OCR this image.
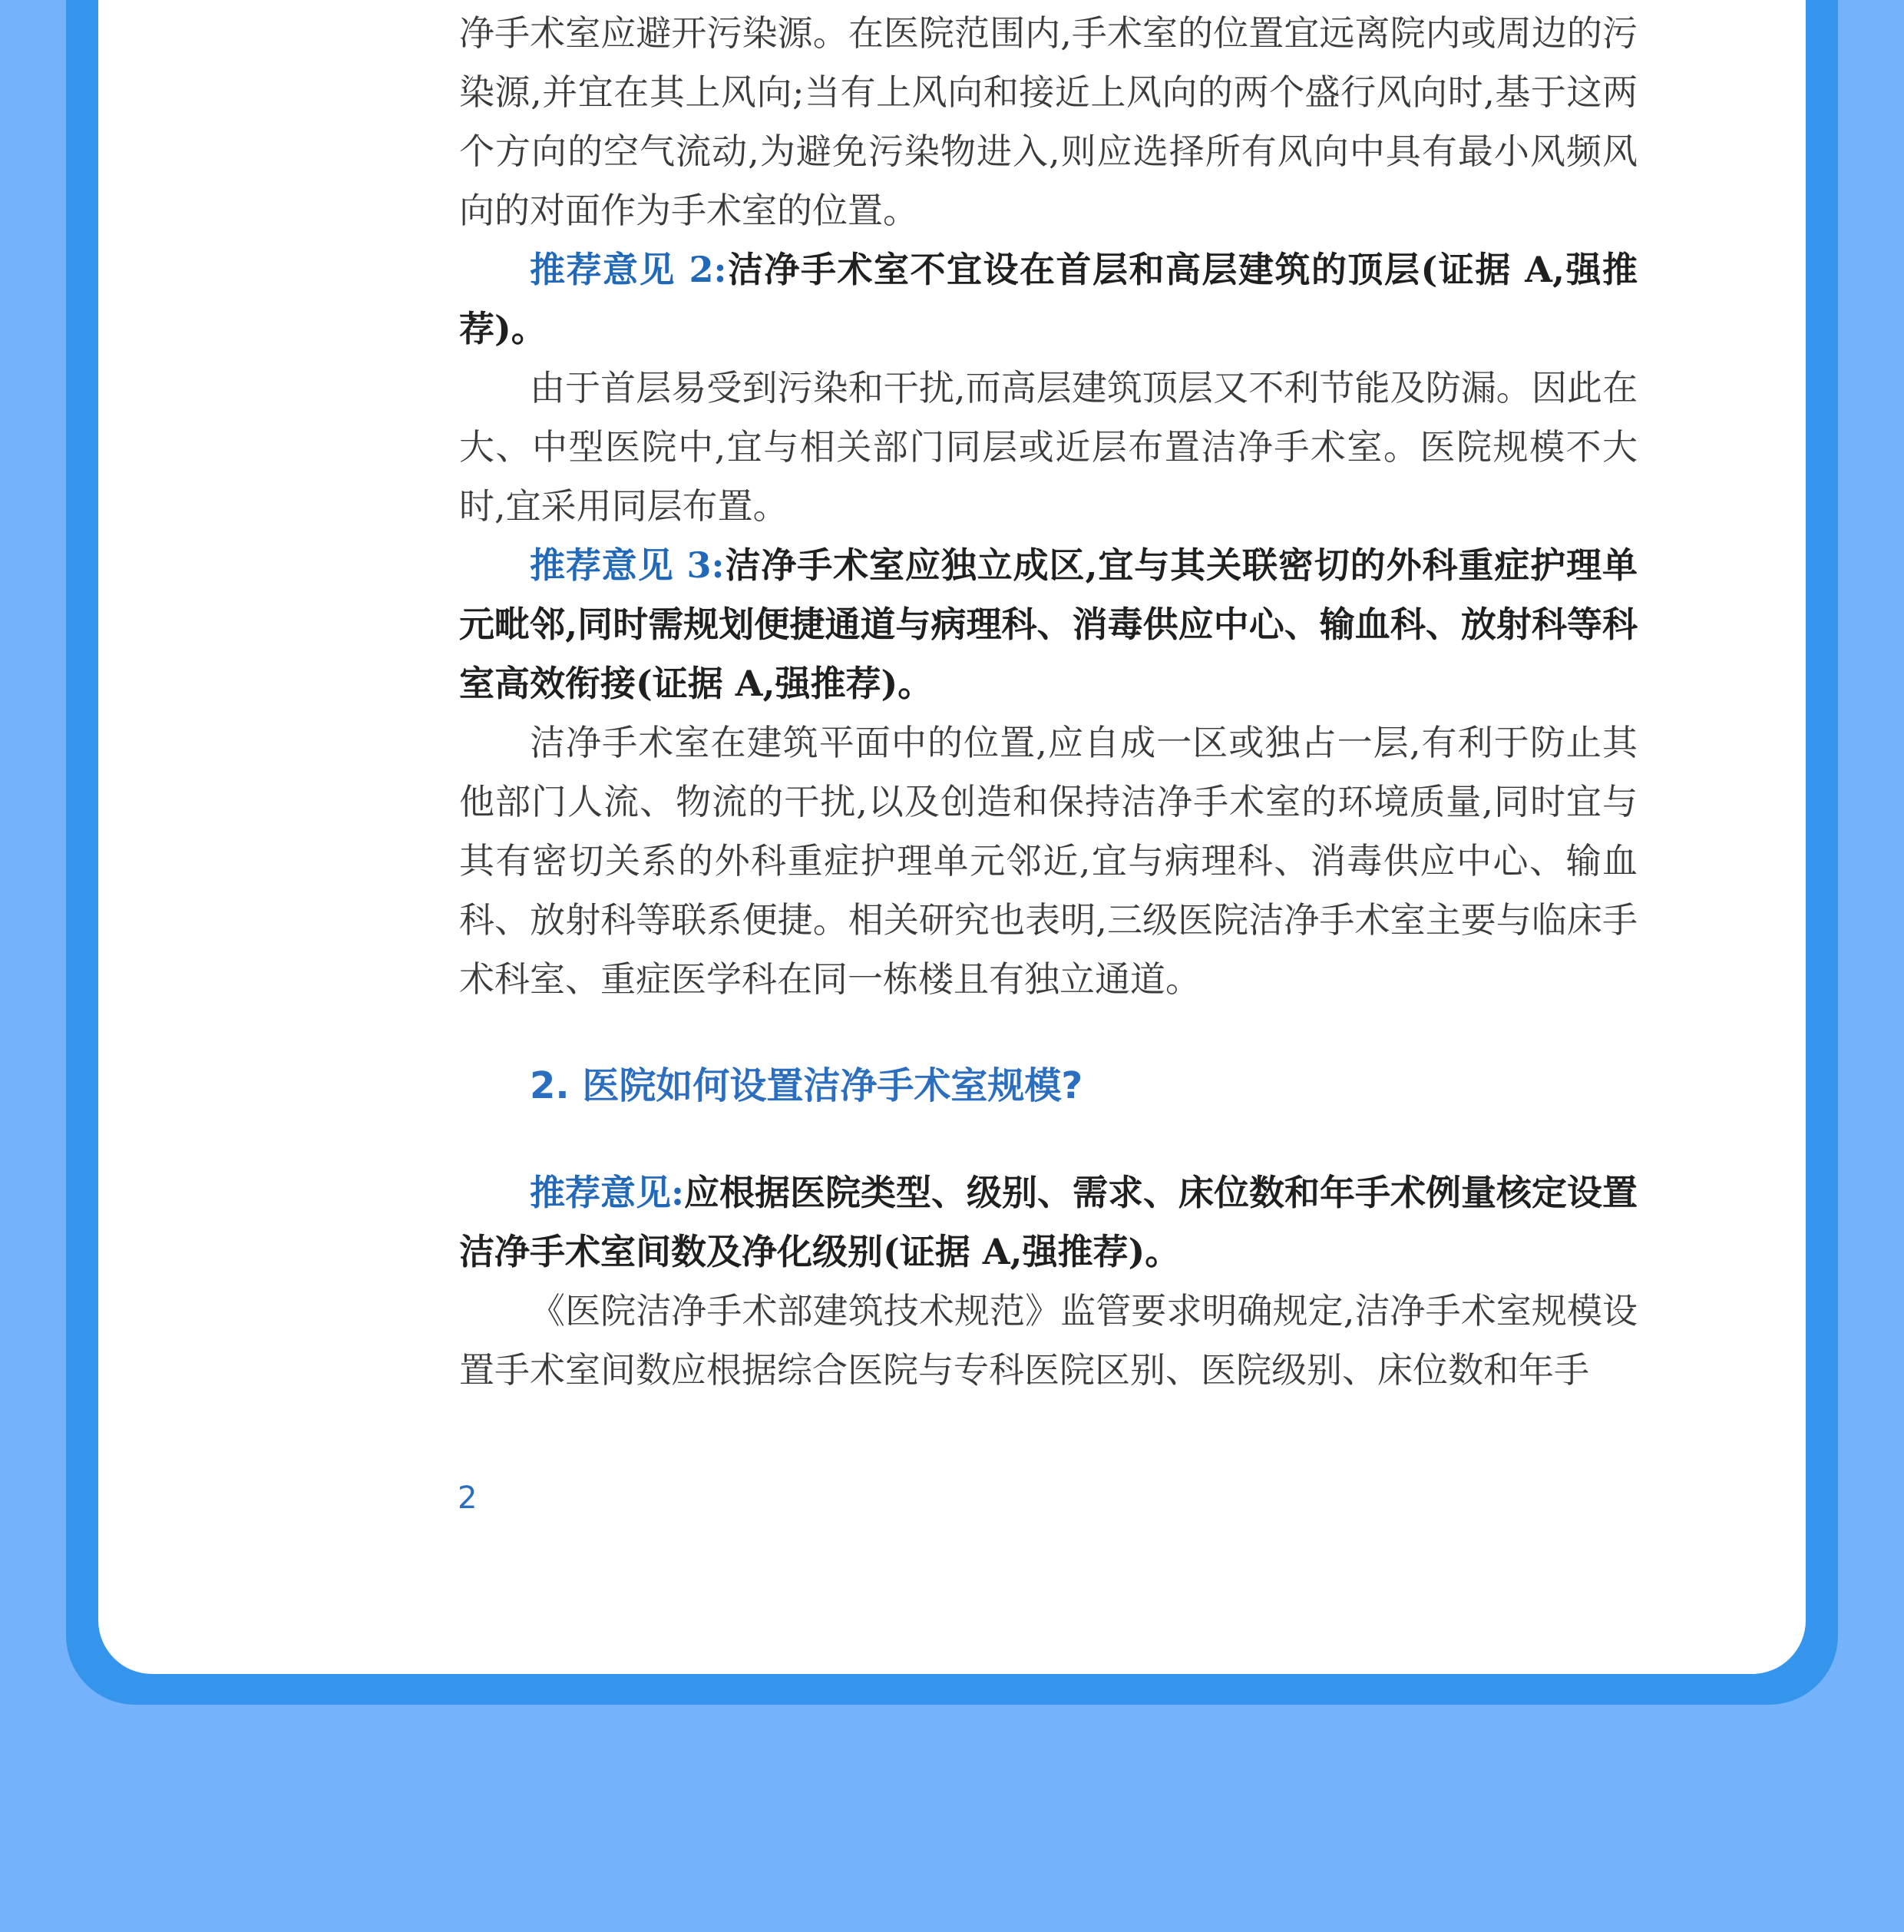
净手术室应避开污染源。在医院范围内,手术室的位置宜远离院内或周边的污染源,并宜在其上风向;当有上风向和接近上风向的两个盛行风向时,基于这两个方向的空气流动,为避免污染物进入,则应选择所有风向中具有最小风频风向的对面作为手术室的位置。

推荐意见 2:洁净手术室不宜设在首层和高层建筑的顶层(证据 A,强推荐)。

由于首层易受到污染和干扰,而高层建筑顶层又不利节能及防漏。因此在大、中型医院中,宜与相关部门同层或近层布置洁净手术室。医院规模不大时,宜采用同层布置。

推荐意见 3:洁净手术室应独立成区,宜与其关联密切的外科重症护理单元毗邻,同时需规划便捷通道与病理科、消毒供应中心、输血科、放射科等科室高效衔接(证据 A,强推荐)。

洁净手术室在建筑平面中的位置,应自成一区或独占一层,有利于防止其他部门人流、物流的干扰,以及创造和保持洁净手术室的环境质量,同时宜与其有密切关系的外科重症护理单元邻近,宜与病理科、消毒供应中心、输血科、放射科等联系便捷。相关研究也表明,三级医院洁净手术室主要与临床手术科室、重症医学科在同一栋楼且有独立通道。

2. 医院如何设置洁净手术室规模?

推荐意见:应根据医院类型、级别、需求、床位数和年手术例量核定设置洁净手术室间数及净化级别(证据 A,强推荐)。

《医院洁净手术部建筑技术规范》监管要求明确规定,洁净手术室规模设置手术室间数应根据综合医院与专科医院区别、医院级别、床位数和年手

2
